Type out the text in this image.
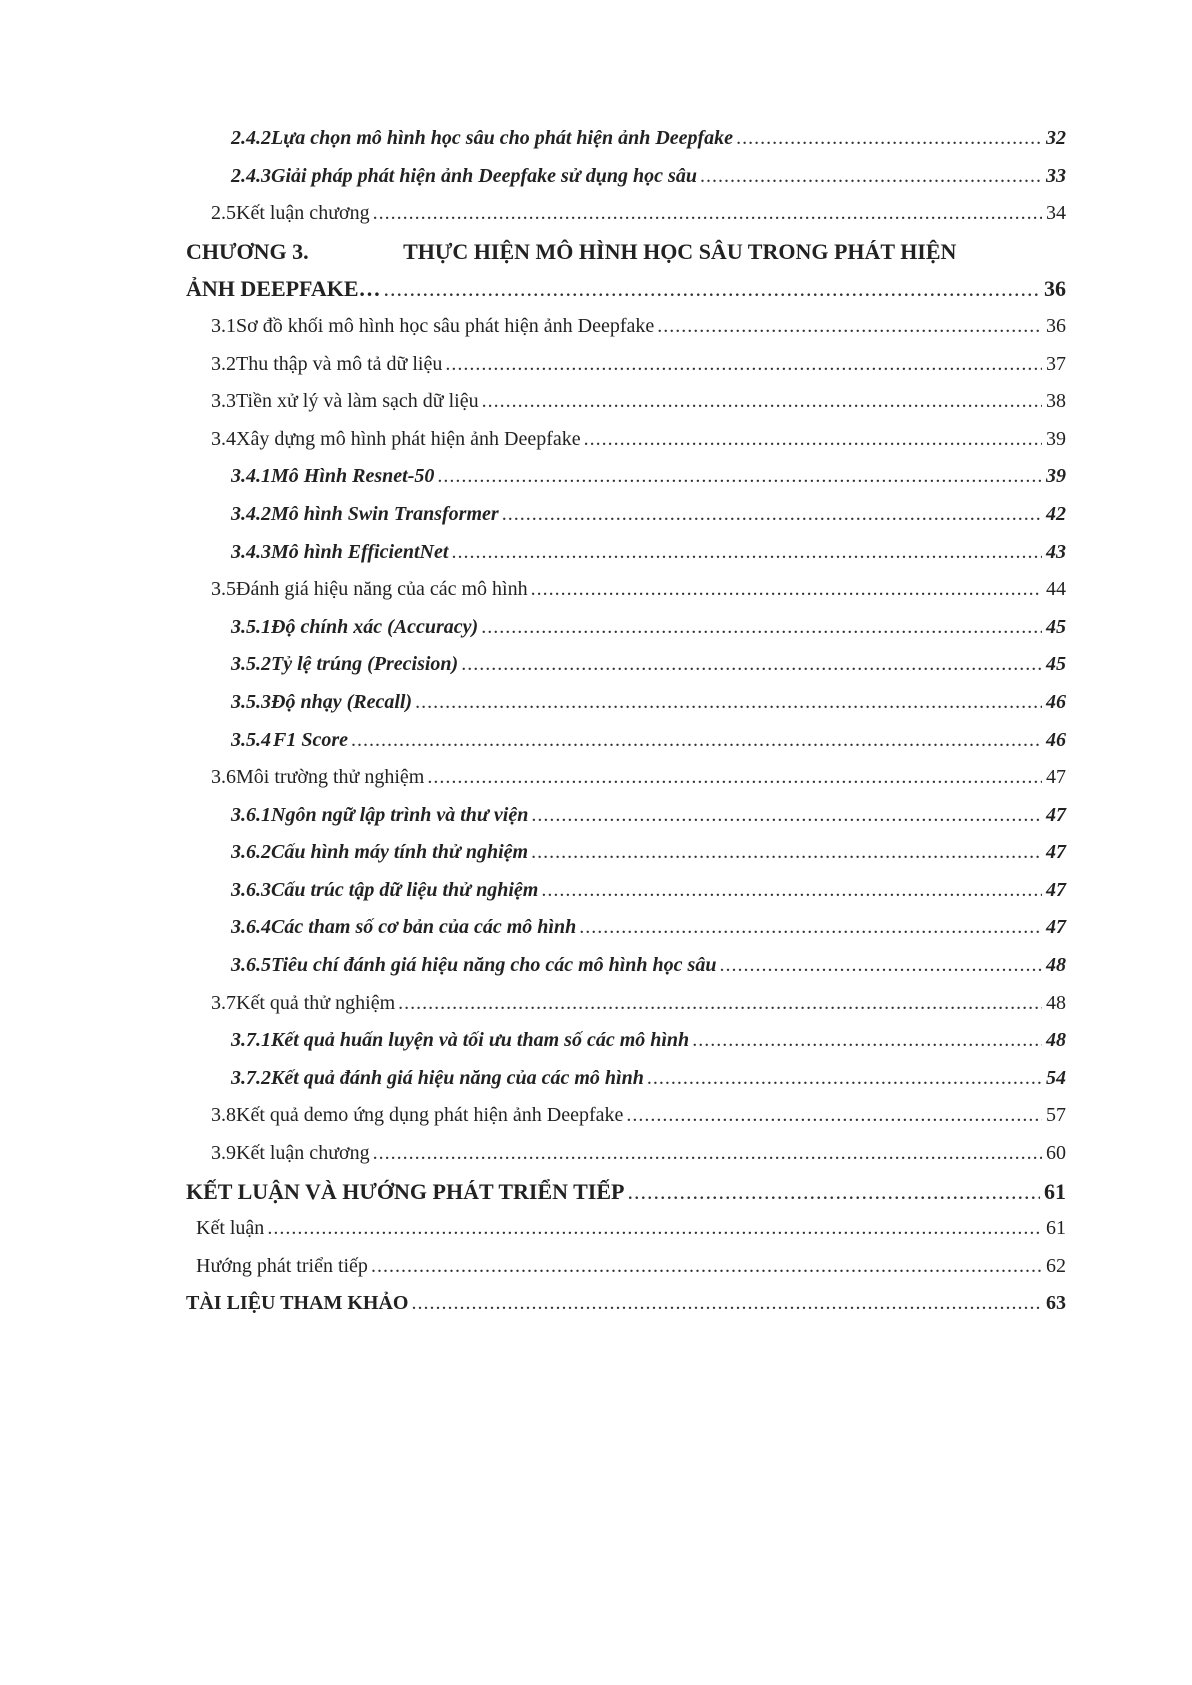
2.4.2 Lựa chọn mô hình học sâu cho phát hiện ảnh Deepfake .....	32
2.4.3 Giải pháp phát hiện ảnh Deepfake sử dụng học sâu .....	33
2.5 Kết luận chương .....	34
CHƯƠNG 3.	THỰC HIỆN MÔ HÌNH HỌC SÂU TRONG PHÁT HIỆN
ẢNH DEEPFAKE… .....	36
3.1 Sơ đồ khối mô hình học sâu phát hiện ảnh Deepfake .....	36
3.2 Thu thập và mô tả dữ liệu .....	37
3.3 Tiền xử lý và làm sạch dữ liệu .....	38
3.4 Xây dựng mô hình phát hiện ảnh Deepfake .....	39
3.4.1 Mô Hình Resnet-50 .....	39
3.4.2 Mô hình Swin Transformer .....	42
3.4.3 Mô hình EfficientNet .....	43
3.5 Đánh giá hiệu năng của các mô hình .....	44
3.5.1 Độ chính xác (Accuracy) .....	45
3.5.2 Tỷ lệ trúng (Precision) .....	45
3.5.3 Độ nhạy (Recall) .....	46
3.5.4 F1 Score .....	46
3.6 Môi trường thử nghiệm .....	47
3.6.1 Ngôn ngữ lập trình và thư viện .....	47
3.6.2 Cấu hình máy tính thử nghiệm .....	47
3.6.3 Cấu trúc tập dữ liệu thử nghiệm .....	47
3.6.4 Các tham số cơ bản của các mô hình .....	47
3.6.5 Tiêu chí đánh giá hiệu năng cho các mô hình học sâu .....	48
3.7 Kết quả thử nghiệm .....	48
3.7.1 Kết quả huấn luyện và tối ưu tham số các mô hình .....	48
3.7.2 Kết quả đánh giá hiệu năng của các mô hình .....	54
3.8 Kết quả demo ứng dụng phát hiện ảnh Deepfake .....	57
3.9 Kết luận chương .....	60
KẾT LUẬN VÀ HƯỚNG PHÁT TRIỂN TIẾP .....	61
Kết luận .....	61
Hướng phát triển tiếp .....	62
TÀI LIỆU THAM KHẢO .....	63
